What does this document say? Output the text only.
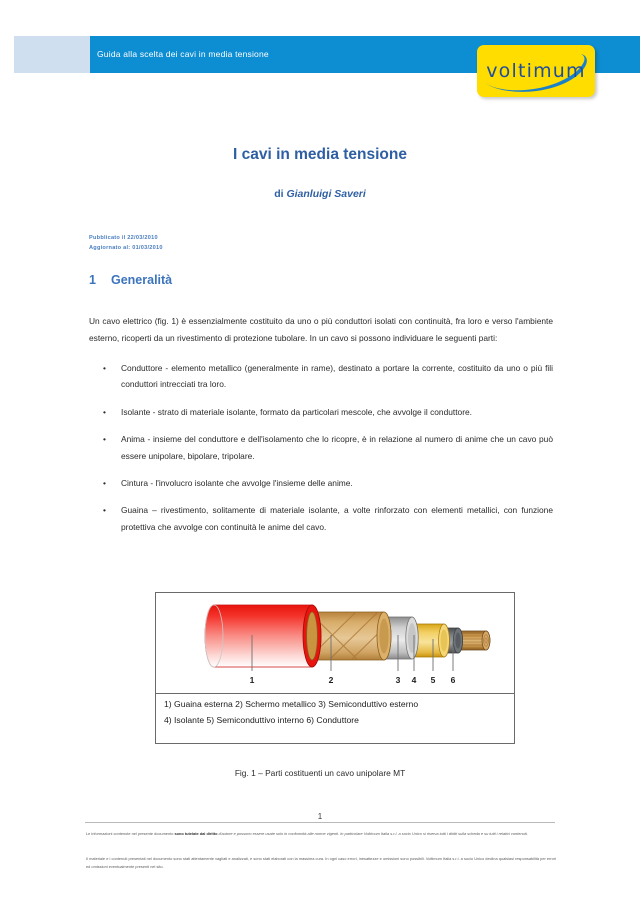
Guida alla scelta dei cavi in media tensione
voltimum
I cavi in media tensione
di Gianluigi Saveri
Pubblicato il 22/03/2010
Aggiornato al: 01/03/2010
1 Generalità

Un cavo elettrico (fig. 1) è essenzialmente costituito da uno o più conduttori isolati con continuità, fra loro e verso l'ambiente esterno, ricoperti da un rivestimento di protezione tubolare. In un cavo si possono individuare le seguenti parti:

• Conduttore - elemento metallico (generalmente in rame), destinato a portare la corrente, costituito da uno o più fili conduttori intrecciati tra loro.
• Isolante - strato di materiale isolante, formato da particolari mescole, che avvolge il conduttore.
• Anima - insieme del conduttore e dell'isolamento che lo ricopre, è in relazione al numero di anime che un cavo può essere unipolare, bipolare, tripolare.
• Cintura - l'involucro isolante che avvolge l'insieme delle anime.
• Guaina – rivestimento, solitamente di materiale isolante, a volte rinforzato con elementi metallici, con funzione protettiva che avvolge con continuità le anime del cavo.
1	2	3 4 5 6
1) Guaina esterna 2) Schermo metallico 3) Semiconduttivo esterno
4) Isolante 5) Semiconduttivo interno 6) Conduttore
Fig. 1 – Parti costituenti un cavo unipolare MT
1

Le informazioni contenute nel presente documento sono tutelate dal diritto d'autore e possono essere usate solo in conformità alle norme vigenti. In particolare Voltimum Italia s.r.l. a socio Unico si riserva tutti i diritti sulla scheda e su tutti i relativi contenuti.

Il materiale e i contenuti presentati nel documento sono stati attentamente vagliati e analizzati, e sono stati elaborati con la massima cura. In ogni caso errori, inesattezze e omissioni sono possibili. Voltimum Italia s.r.l. a socio Unico declina qualsiasi responsabilità per errori ed omissioni eventualmente presenti nel sito.
